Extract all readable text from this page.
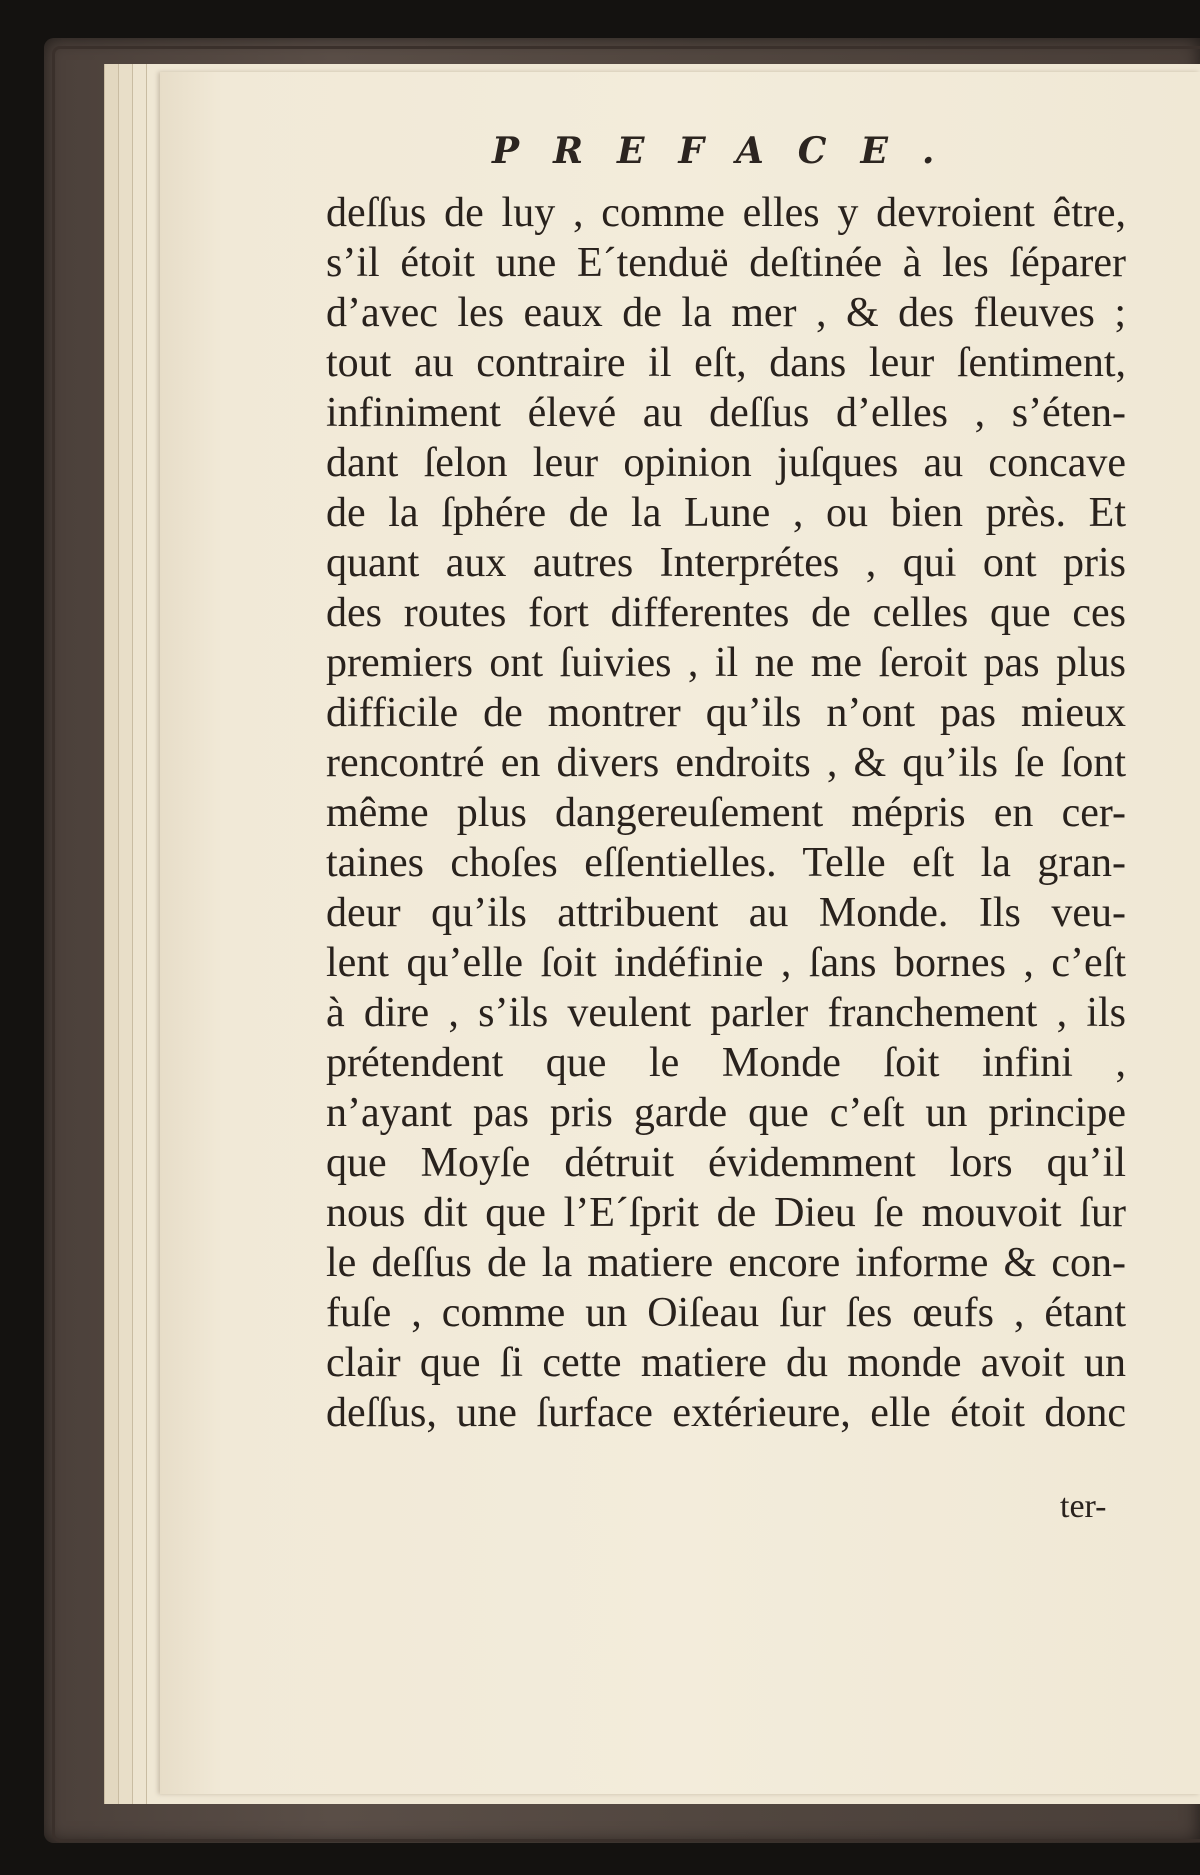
PREFACE.
deſſus de luy , comme elles y devroient être,
s’il étoit une E´tenduë deſtinée à les ſéparer
d’avec les eaux de la mer , & des fleuves ;
tout au contraire il eſt, dans leur ſentiment,
infiniment élevé au deſſus d’elles , s’éten-
dant ſelon leur opinion juſques au concave
de la ſphére de la Lune , ou bien près. Et
quant aux autres Interprétes , qui ont pris
des routes fort differentes de celles que ces
premiers ont ſuivies , il ne me ſeroit pas plus
difficile de montrer qu’ils n’ont pas mieux
rencontré en divers endroits , & qu’ils ſe ſont
même plus dangereuſement mépris en cer-
taines choſes eſſentielles. Telle eſt la gran-
deur qu’ils attribuent au Monde. Ils veu-
lent qu’elle ſoit indéfinie , ſans bornes , c’eſt
à dire , s’ils veulent parler franchement , ils
prétendent que le Monde ſoit infini ,
n’ayant pas pris garde que c’eſt un principe
que Moyſe détruit évidemment lors qu’il
nous dit que l’E´ſprit de Dieu ſe mouvoit ſur
le deſſus de la matiere encore informe & con-
fuſe , comme un Oiſeau ſur ſes œufs , étant
clair que ſi cette matiere du monde avoit un
deſſus, une ſurface extérieure, elle étoit donc
ter-
